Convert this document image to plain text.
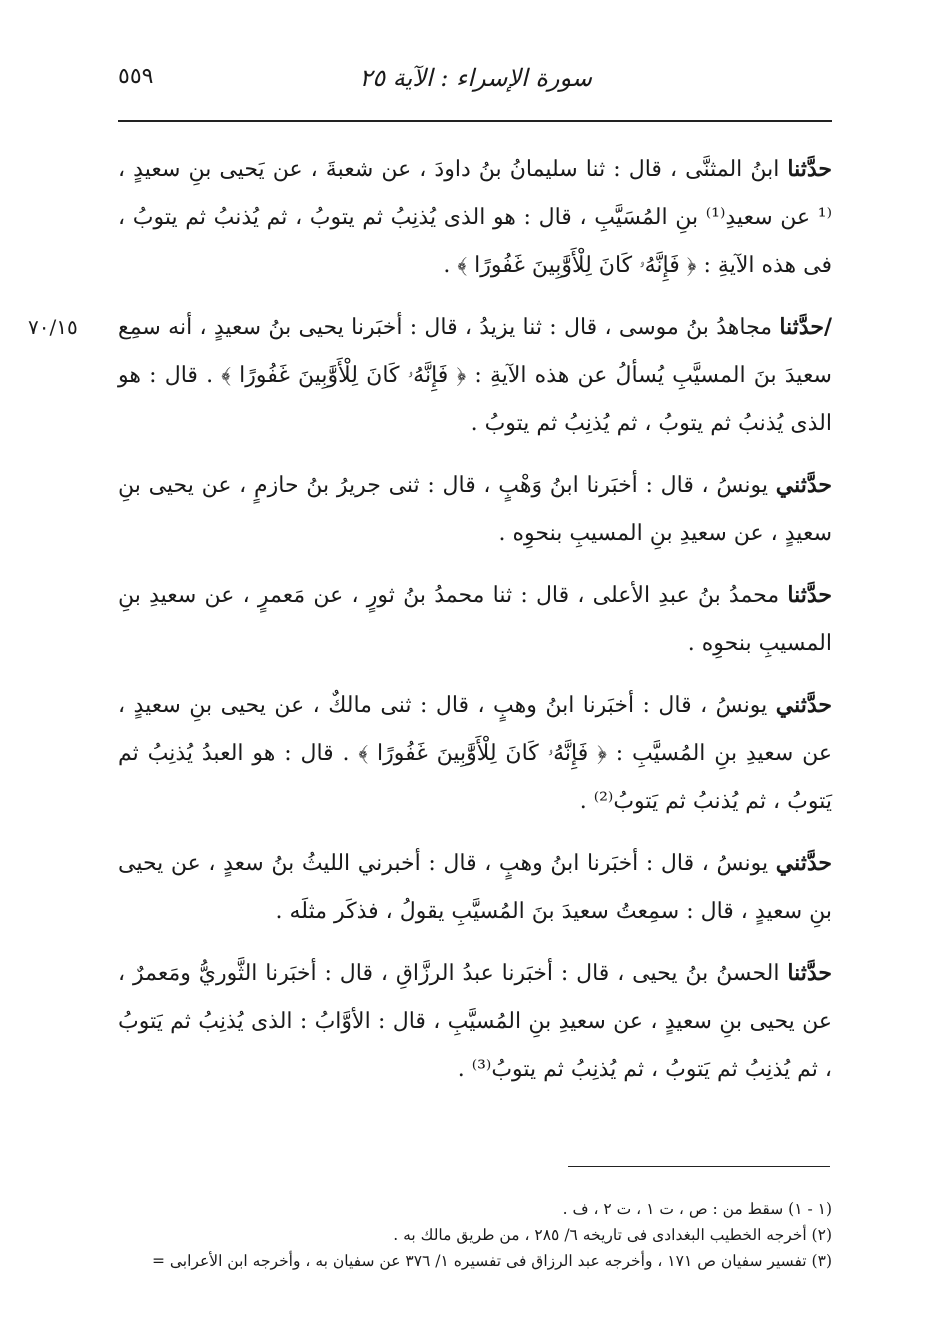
سورة الإسراء : الآية ٢٥
٥٥٩
٧٠/١٥

حدَّثنا ابنُ المثنَّى ، قال : ثنا سليمانُ بنُ داودَ ، عن شعبةَ ، عن يَحيى بنِ سعيدٍ ، ⁽¹ عن سعيدِ⁽¹⁾ بنِ المُسَيَّبِ ، قال : هو الذى يُذنِبُ ثم يتوبُ ، ثم يُذنبُ ثم يتوبُ ، فى هذه الآيةِ : ﴿ فَإِنَّهُۥ كَانَ لِلْأَوَّٰبِينَ غَفُورًا ﴾ .

/حدَّثنا مجاهدُ بنُ موسى ، قال : ثنا يزيدُ ، قال : أخبَرنا يحيى بنُ سعيدٍ ، أنه سمِع سعيدَ بنَ المسيَّبِ يُسألُ عن هذه الآيةِ : ﴿ فَإِنَّهُۥ كَانَ لِلْأَوَّٰبِينَ غَفُورًا ﴾ . قال : هو الذى يُذنبُ ثم يتوبُ ، ثم يُذنِبُ ثم يتوبُ .

حدَّثني يونسُ ، قال : أخبَرنا ابنُ وَهْبٍ ، قال : ثنى جريرُ بنُ حازمٍ ، عن يحيى بنِ سعيدٍ ، عن سعيدِ بنِ المسيبِ بنحوِه .

حدَّثنا محمدُ بنُ عبدِ الأعلى ، قال : ثنا محمدُ بنُ ثورٍ ، عن مَعمرٍ ، عن سعيدِ بنِ المسيبِ بنحوِه .

حدَّثني يونسُ ، قال : أخبَرنا ابنُ وهبٍ ، قال : ثنى مالكٌ ، عن يحيى بنِ سعيدٍ ، عن سعيدِ بنِ المُسيَّبِ : ﴿ فَإِنَّهُۥ كَانَ لِلْأَوَّٰبِينَ غَفُورًا ﴾ . قال : هو العبدُ يُذنِبُ ثم يَتوبُ ، ثم يُذنبُ ثم يَتوبُ⁽²⁾ .

حدَّثني يونسُ ، قال : أخبَرنا ابنُ وهبٍ ، قال : أخبرني الليثُ بنُ سعدٍ ، عن يحيى بنِ سعيدٍ ، قال : سمِعتُ سعيدَ بنَ المُسيَّبِ يقولُ ، فذكَر مثلَه .

حدَّثنا الحسنُ بنُ يحيى ، قال : أخبَرنا عبدُ الرزَّاقِ ، قال : أخبَرنا الثَّوريُّ ومَعمرٌ ، عن يحيى بنِ سعيدٍ ، عن سعيدِ بنِ المُسيَّبِ ، قال : الأوَّابُ : الذى يُذنِبُ ثم يَتوبُ ، ثم يُذنِبُ ثم يَتوبُ ، ثم يُذنِبُ ثم يتوبُ⁽³⁾ .

(١ - ١) سقط من : ص ، ت ١ ، ت ٢ ، ف .

(٢) أخرجه الخطيب البغدادى فى تاريخه ٦/ ٢٨٥ ، من طريق مالك به .

(٣) تفسير سفيان ص ١٧١ ، وأخرجه عبد الرزاق فى تفسيره ١/ ٣٧٦ عن سفيان به ، وأخرجه ابن الأعرابى =
